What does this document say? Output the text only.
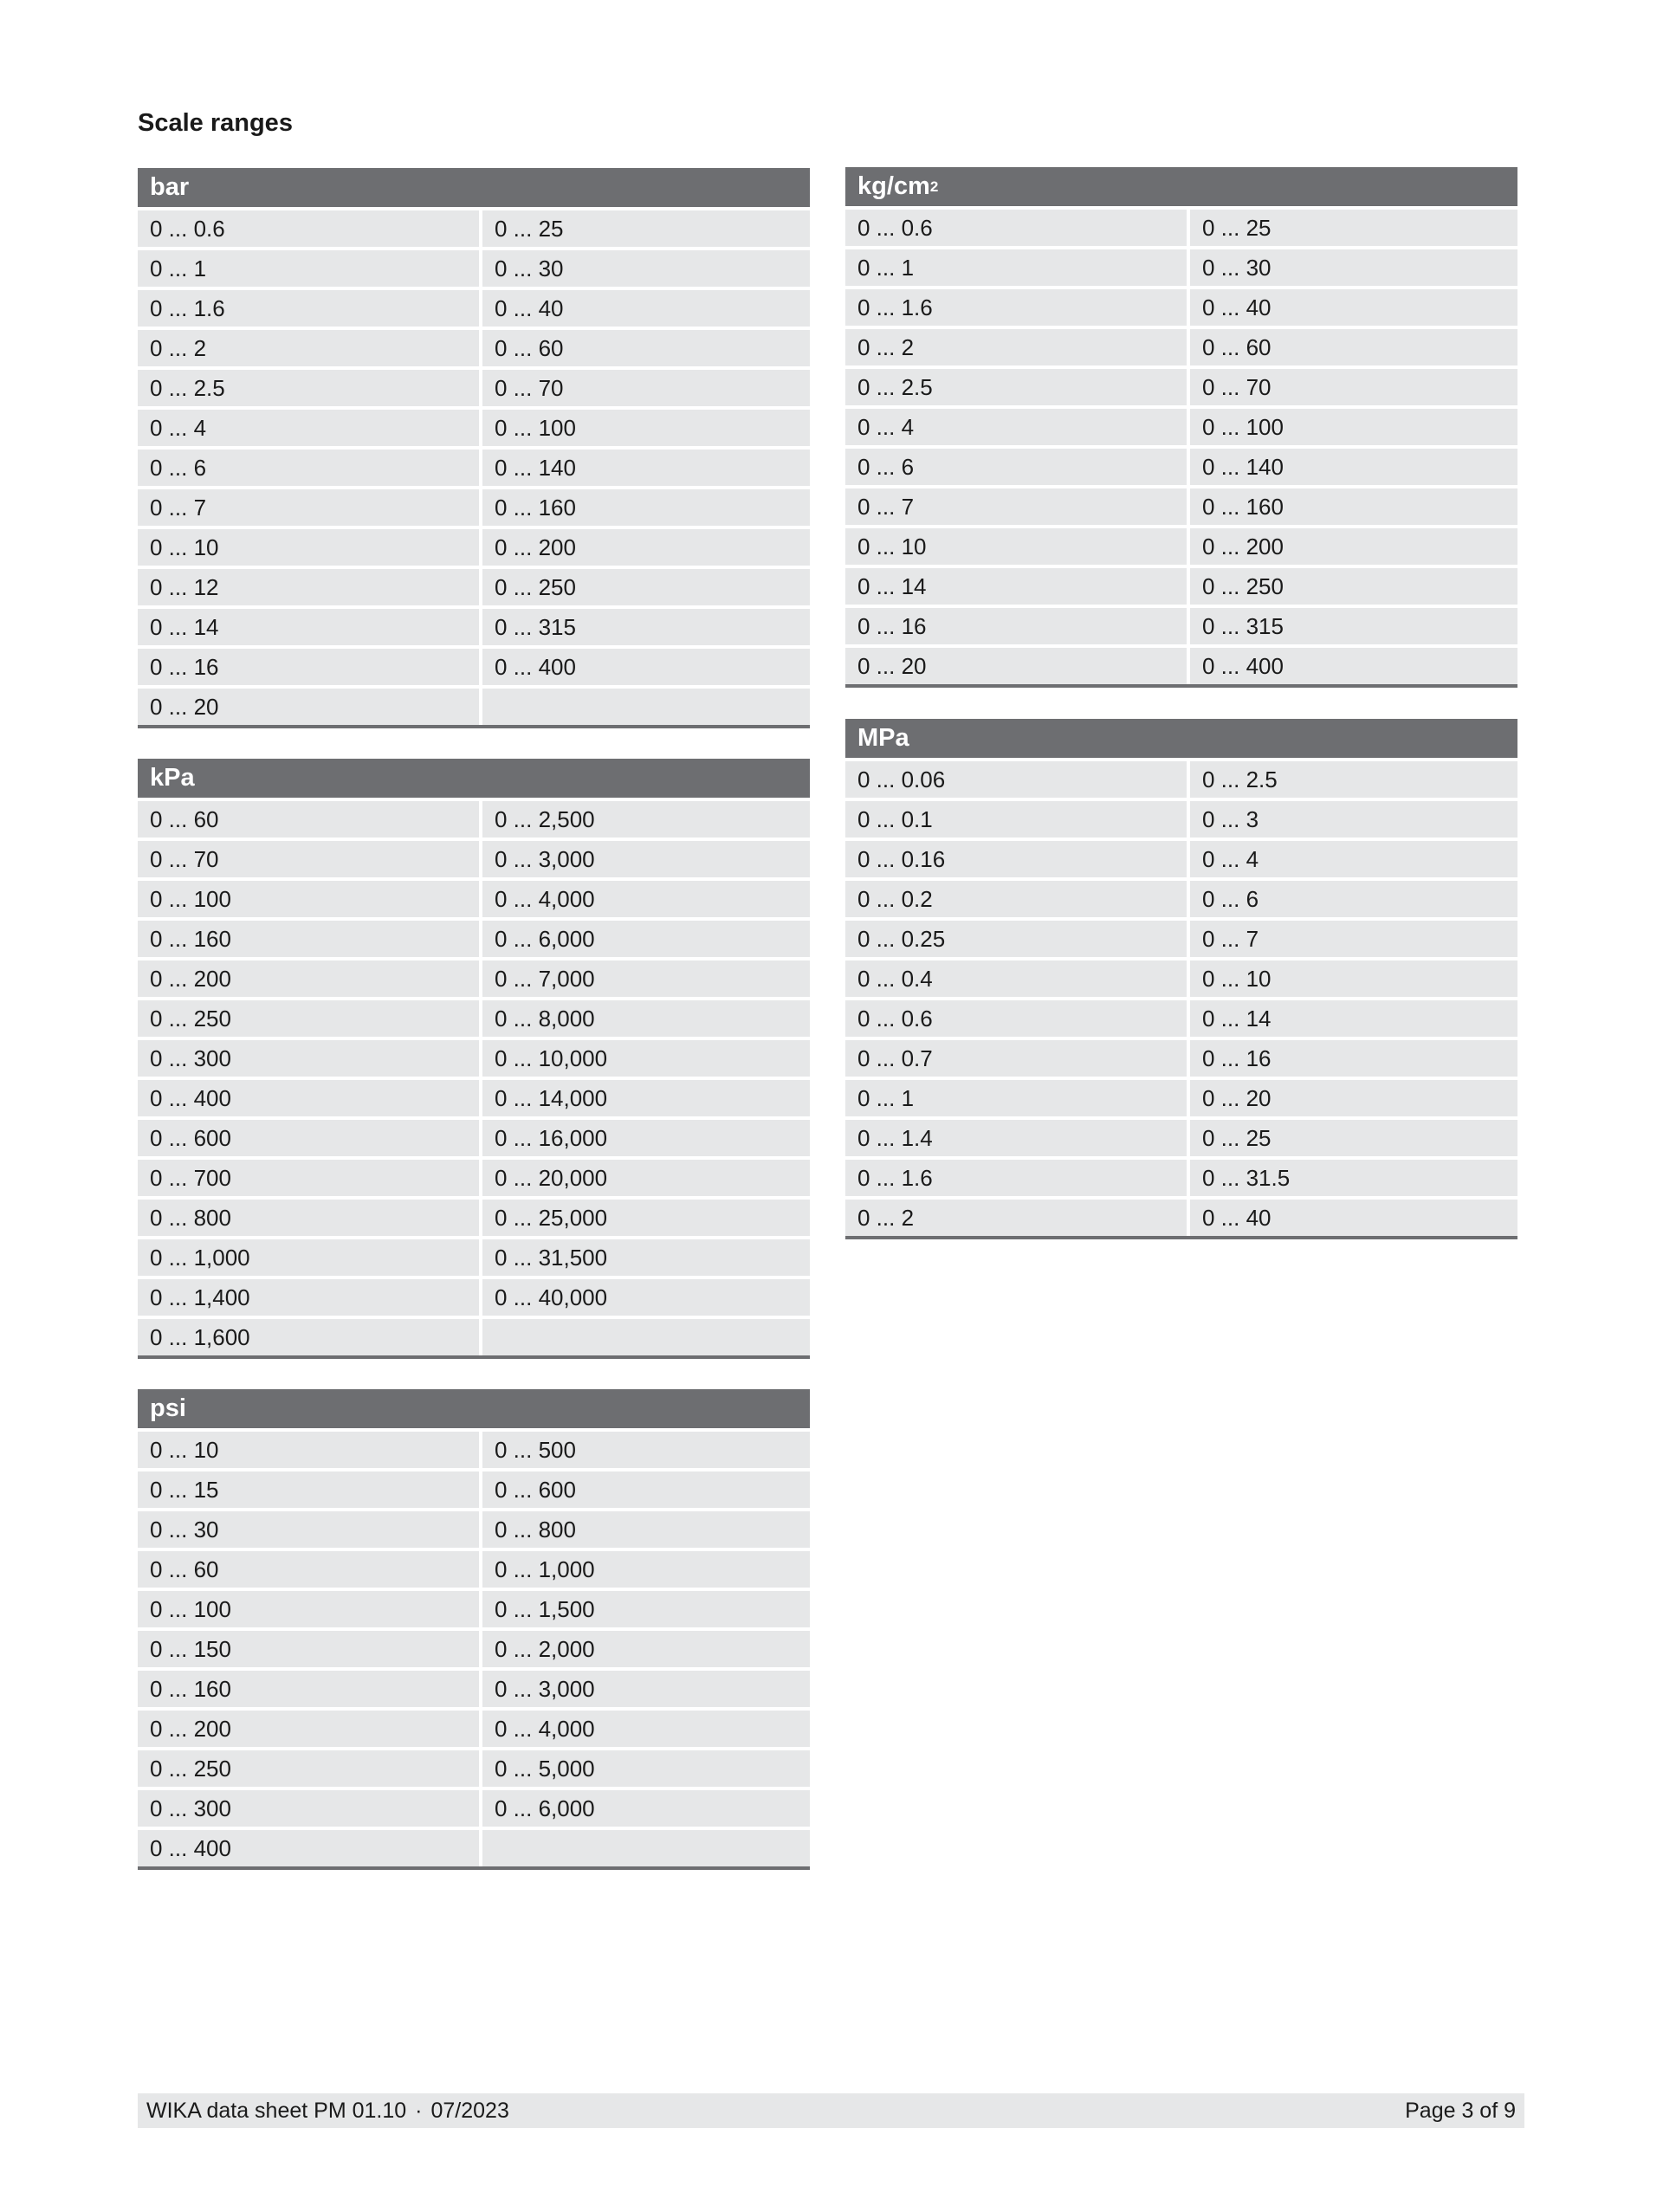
Scale ranges
bar
0 ... 0.6	0 ... 25
0 ... 1	0 ... 30
0 ... 1.6	0 ... 40
0 ... 2	0 ... 60
0 ... 2.5	0 ... 70
0 ... 4	0 ... 100
0 ... 6	0 ... 140
0 ... 7	0 ... 160
0 ... 10	0 ... 200
0 ... 12	0 ... 250
0 ... 14	0 ... 315
0 ... 16	0 ... 400
0 ... 20
kg/cm 2
0 ... 0.6	0 ... 25
0 ... 1	0 ... 30
0 ... 1.6	0 ... 40
0 ... 2	0 ... 60
0 ... 2.5	0 ... 70
0 ... 4	0 ... 100
0 ... 6	0 ... 140
0 ... 7	0 ... 160
0 ... 10	0 ... 200
0 ... 14	0 ... 250
0 ... 16	0 ... 315
0 ... 20	0 ... 400
kPa
0 ... 60	0 ... 2,500
0 ... 70	0 ... 3,000
0 ... 100	0 ... 4,000
0 ... 160	0 ... 6,000
0 ... 200	0 ... 7,000
0 ... 250	0 ... 8,000
0 ... 300	0 ... 10,000
0 ... 400	0 ... 14,000
0 ... 600	0 ... 16,000
0 ... 700	0 ... 20,000
0 ... 800	0 ... 25,000
0 ... 1,000	0 ... 31,500
0 ... 1,400	0 ... 40,000
0 ... 1,600
MPa
0 ... 0.06	0 ... 2.5
0 ... 0.1	0 ... 3
0 ... 0.16	0 ... 4
0 ... 0.2	0 ... 6
0 ... 0.25	0 ... 7
0 ... 0.4	0 ... 10
0 ... 0.6	0 ... 14
0 ... 0.7	0 ... 16
0 ... 1	0 ... 20
0 ... 1.4	0 ... 25
0 ... 1.6	0 ... 31.5
0 ... 2	0 ... 40
psi
0 ... 10	0 ... 500
0 ... 15	0 ... 600
0 ... 30	0 ... 800
0 ... 60	0 ... 1,000
0 ... 100	0 ... 1,500
0 ... 150	0 ... 2,000
0 ... 160	0 ... 3,000
0 ... 200	0 ... 4,000
0 ... 250	0 ... 5,000
0 ... 300	0 ... 6,000
0 ... 400
WIKA data sheet PM 01.10 · 07/2023	Page 3 of 9
